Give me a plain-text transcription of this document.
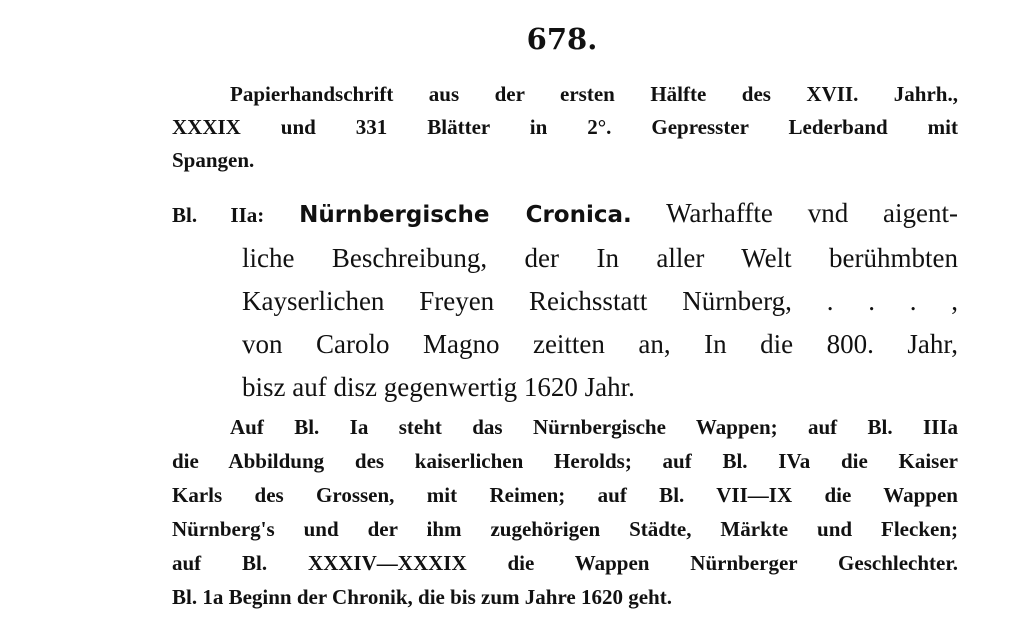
678.
Papierhandschrift aus der ersten Hälfte des XVII. Jahrh.,
XXXIX und 331 Blätter in 2°. Gepresster Lederband mit
Spangen.
Bl. IIa: Nürnbergische Cronica. Warhaffte vnd aigent-
liche Beschreibung, der In aller Welt berühmbten
Kayserlichen Freyen Reichsstatt Nürnberg, . . . ,
von Carolo Magno zeitten an, In die 800. Jahr,
bisz auf disz gegenwertig 1620 Jahr.
Auf Bl. Ia steht das Nürnbergische Wappen; auf Bl. IIIa
die Abbildung des kaiserlichen Herolds; auf Bl. IVa die Kaiser
Karls des Grossen, mit Reimen; auf Bl. VII—IX die Wappen
Nürnberg's und der ihm zugehörigen Städte, Märkte und Flecken;
auf Bl. XXXIV—XXXIX die Wappen Nürnberger Geschlechter.
Bl. 1a Beginn der Chronik, die bis zum Jahre 1620 geht.
